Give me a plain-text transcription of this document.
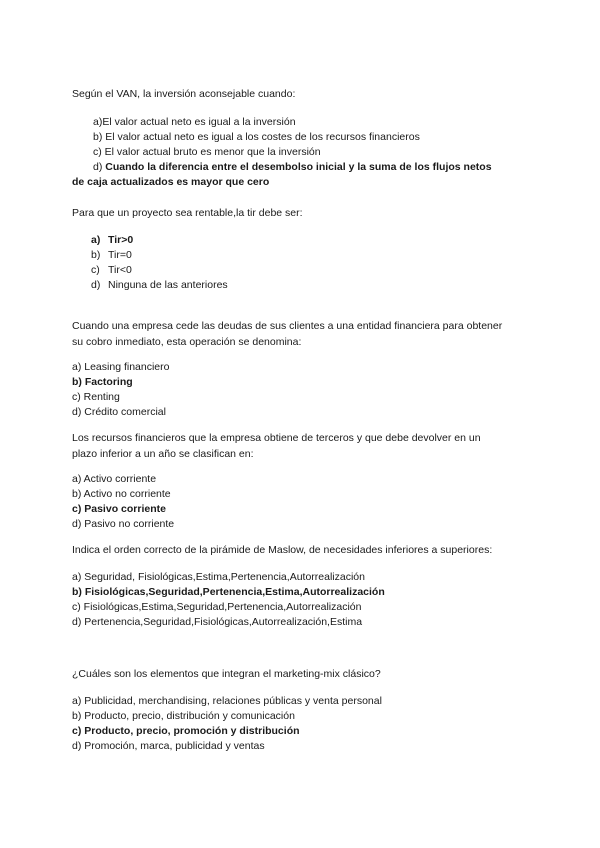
Según el VAN, la inversión aconsejable cuando:
a)El valor actual neto es igual a la inversión
b) El valor actual neto es igual a los costes de los recursos financieros
c) El valor actual bruto es menor que la inversión
d) Cuando la diferencia entre el desembolso inicial y la suma de los flujos netos
de caja actualizados es mayor que cero
Para que un proyecto sea rentable,la tir debe ser:
a) Tir>0
b) Tir=0
c) Tir<0
d) Ninguna de las anteriores
Cuando una empresa cede las deudas de sus clientes a una entidad financiera para obtener
su cobro inmediato, esta operación se denomina:
a) Leasing financiero
b) Factoring
c) Renting
d) Crédito comercial
Los recursos financieros que la empresa obtiene de terceros y que debe devolver en un
plazo inferior a un año se clasifican en:
a) Activo corriente
b) Activo no corriente
c) Pasivo corriente
d) Pasivo no corriente
Indica el orden correcto de la pirámide de Maslow, de necesidades inferiores a superiores:
a) Seguridad, Fisiológicas,Estima,Pertenencia,Autorrealización
b) Fisiológicas,Seguridad,Pertenencia,Estima,Autorrealización
c) Fisiológicas,Estima,Seguridad,Pertenencia,Autorrealización
d) Pertenencia,Seguridad,Fisiológicas,Autorrealización,Estima
¿Cuáles son los elementos que integran el marketing-mix clásico?
a) Publicidad, merchandising, relaciones públicas y venta personal
b) Producto, precio, distribución y comunicación
c) Producto, precio, promoción y distribución
d) Promoción, marca, publicidad y ventas
